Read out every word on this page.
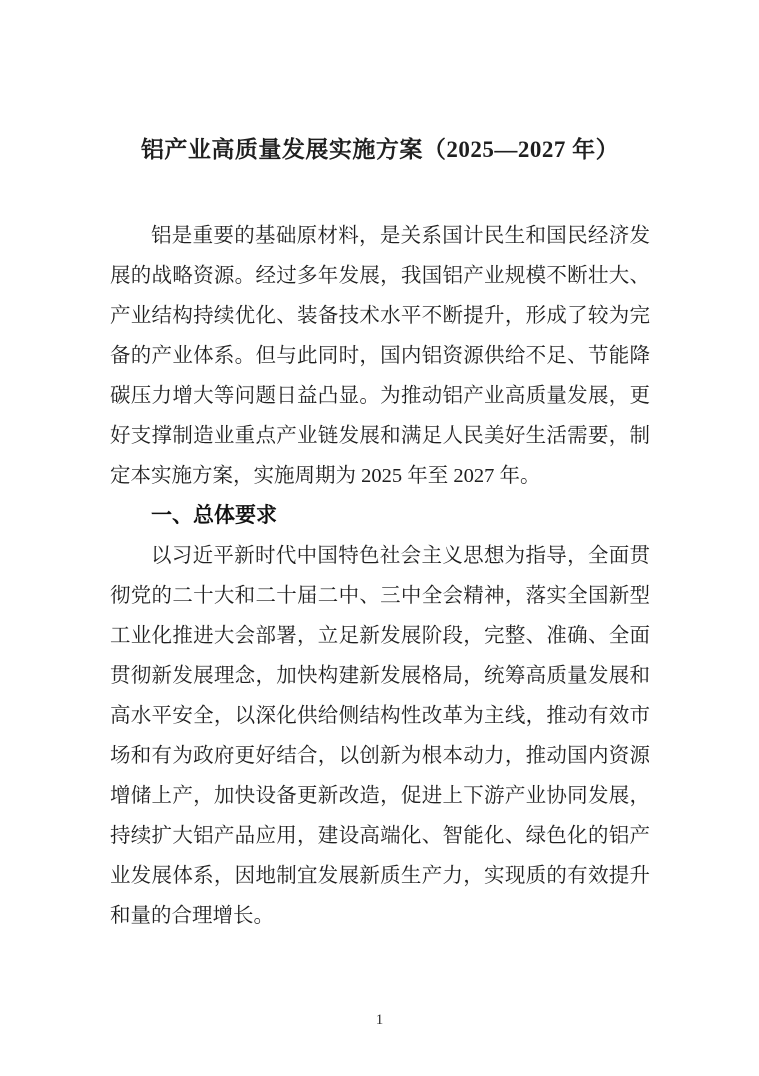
铝产业高质量发展实施方案（2025—2027 年）
铝是重要的基础原材料，是关系国计民生和国民经济发
展的战略资源。经过多年发展，我国铝产业规模不断壮大、
产业结构持续优化、装备技术水平不断提升，形成了较为完
备的产业体系。但与此同时，国内铝资源供给不足、节能降
碳压力增大等问题日益凸显。为推动铝产业高质量发展，更
好支撑制造业重点产业链发展和满足人民美好生活需要，制
定本实施方案，实施周期为 2025 年至 2027 年。
一、总体要求
以习近平新时代中国特色社会主义思想为指导，全面贯
彻党的二十大和二十届二中、三中全会精神，落实全国新型
工业化推进大会部署，立足新发展阶段，完整、准确、全面
贯彻新发展理念，加快构建新发展格局，统筹高质量发展和
高水平安全，以深化供给侧结构性改革为主线，推动有效市
场和有为政府更好结合，以创新为根本动力，推动国内资源
增储上产，加快设备更新改造，促进上下游产业协同发展，
持续扩大铝产品应用，建设高端化、智能化、绿色化的铝产
业发展体系，因地制宜发展新质生产力，实现质的有效提升
和量的合理增长。
1
